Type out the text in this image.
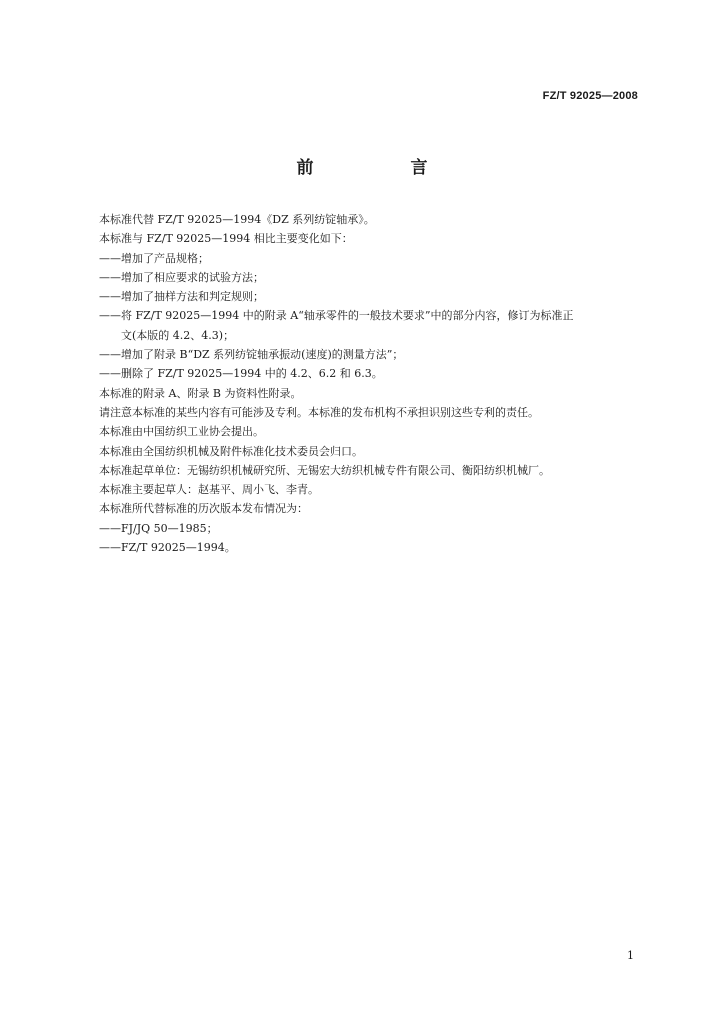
FZ/T 92025—2008
前　言
本标准代替 FZ/T 92025—1994《DZ 系列纺锭轴承》。
本标准与 FZ/T 92025—1994 相比主要变化如下：
——增加了产品规格；
——增加了相应要求的试验方法；
——增加了抽样方法和判定规则；
——将 FZ/T 92025—1994 中的附录 A“轴承零件的一般技术要求”中的部分内容，修订为标准正
文(本版的 4.2、4.3)；
——增加了附录 B“DZ 系列纺锭轴承振动(速度)的测量方法”；
——删除了 FZ/T 92025—1994 中的 4.2、6.2 和 6.3。
本标准的附录 A、附录 B 为资料性附录。
请注意本标准的某些内容有可能涉及专利。本标准的发布机构不承担识别这些专利的责任。
本标准由中国纺织工业协会提出。
本标准由全国纺织机械及附件标准化技术委员会归口。
本标准起草单位：无锡纺织机械研究所、无锡宏大纺织机械专件有限公司、衡阳纺织机械厂。
本标准主要起草人：赵基平、周小飞、李青。
本标准所代替标准的历次版本发布情况为：
——FJ/JQ 50—1985；
——FZ/T 92025—1994。
1
